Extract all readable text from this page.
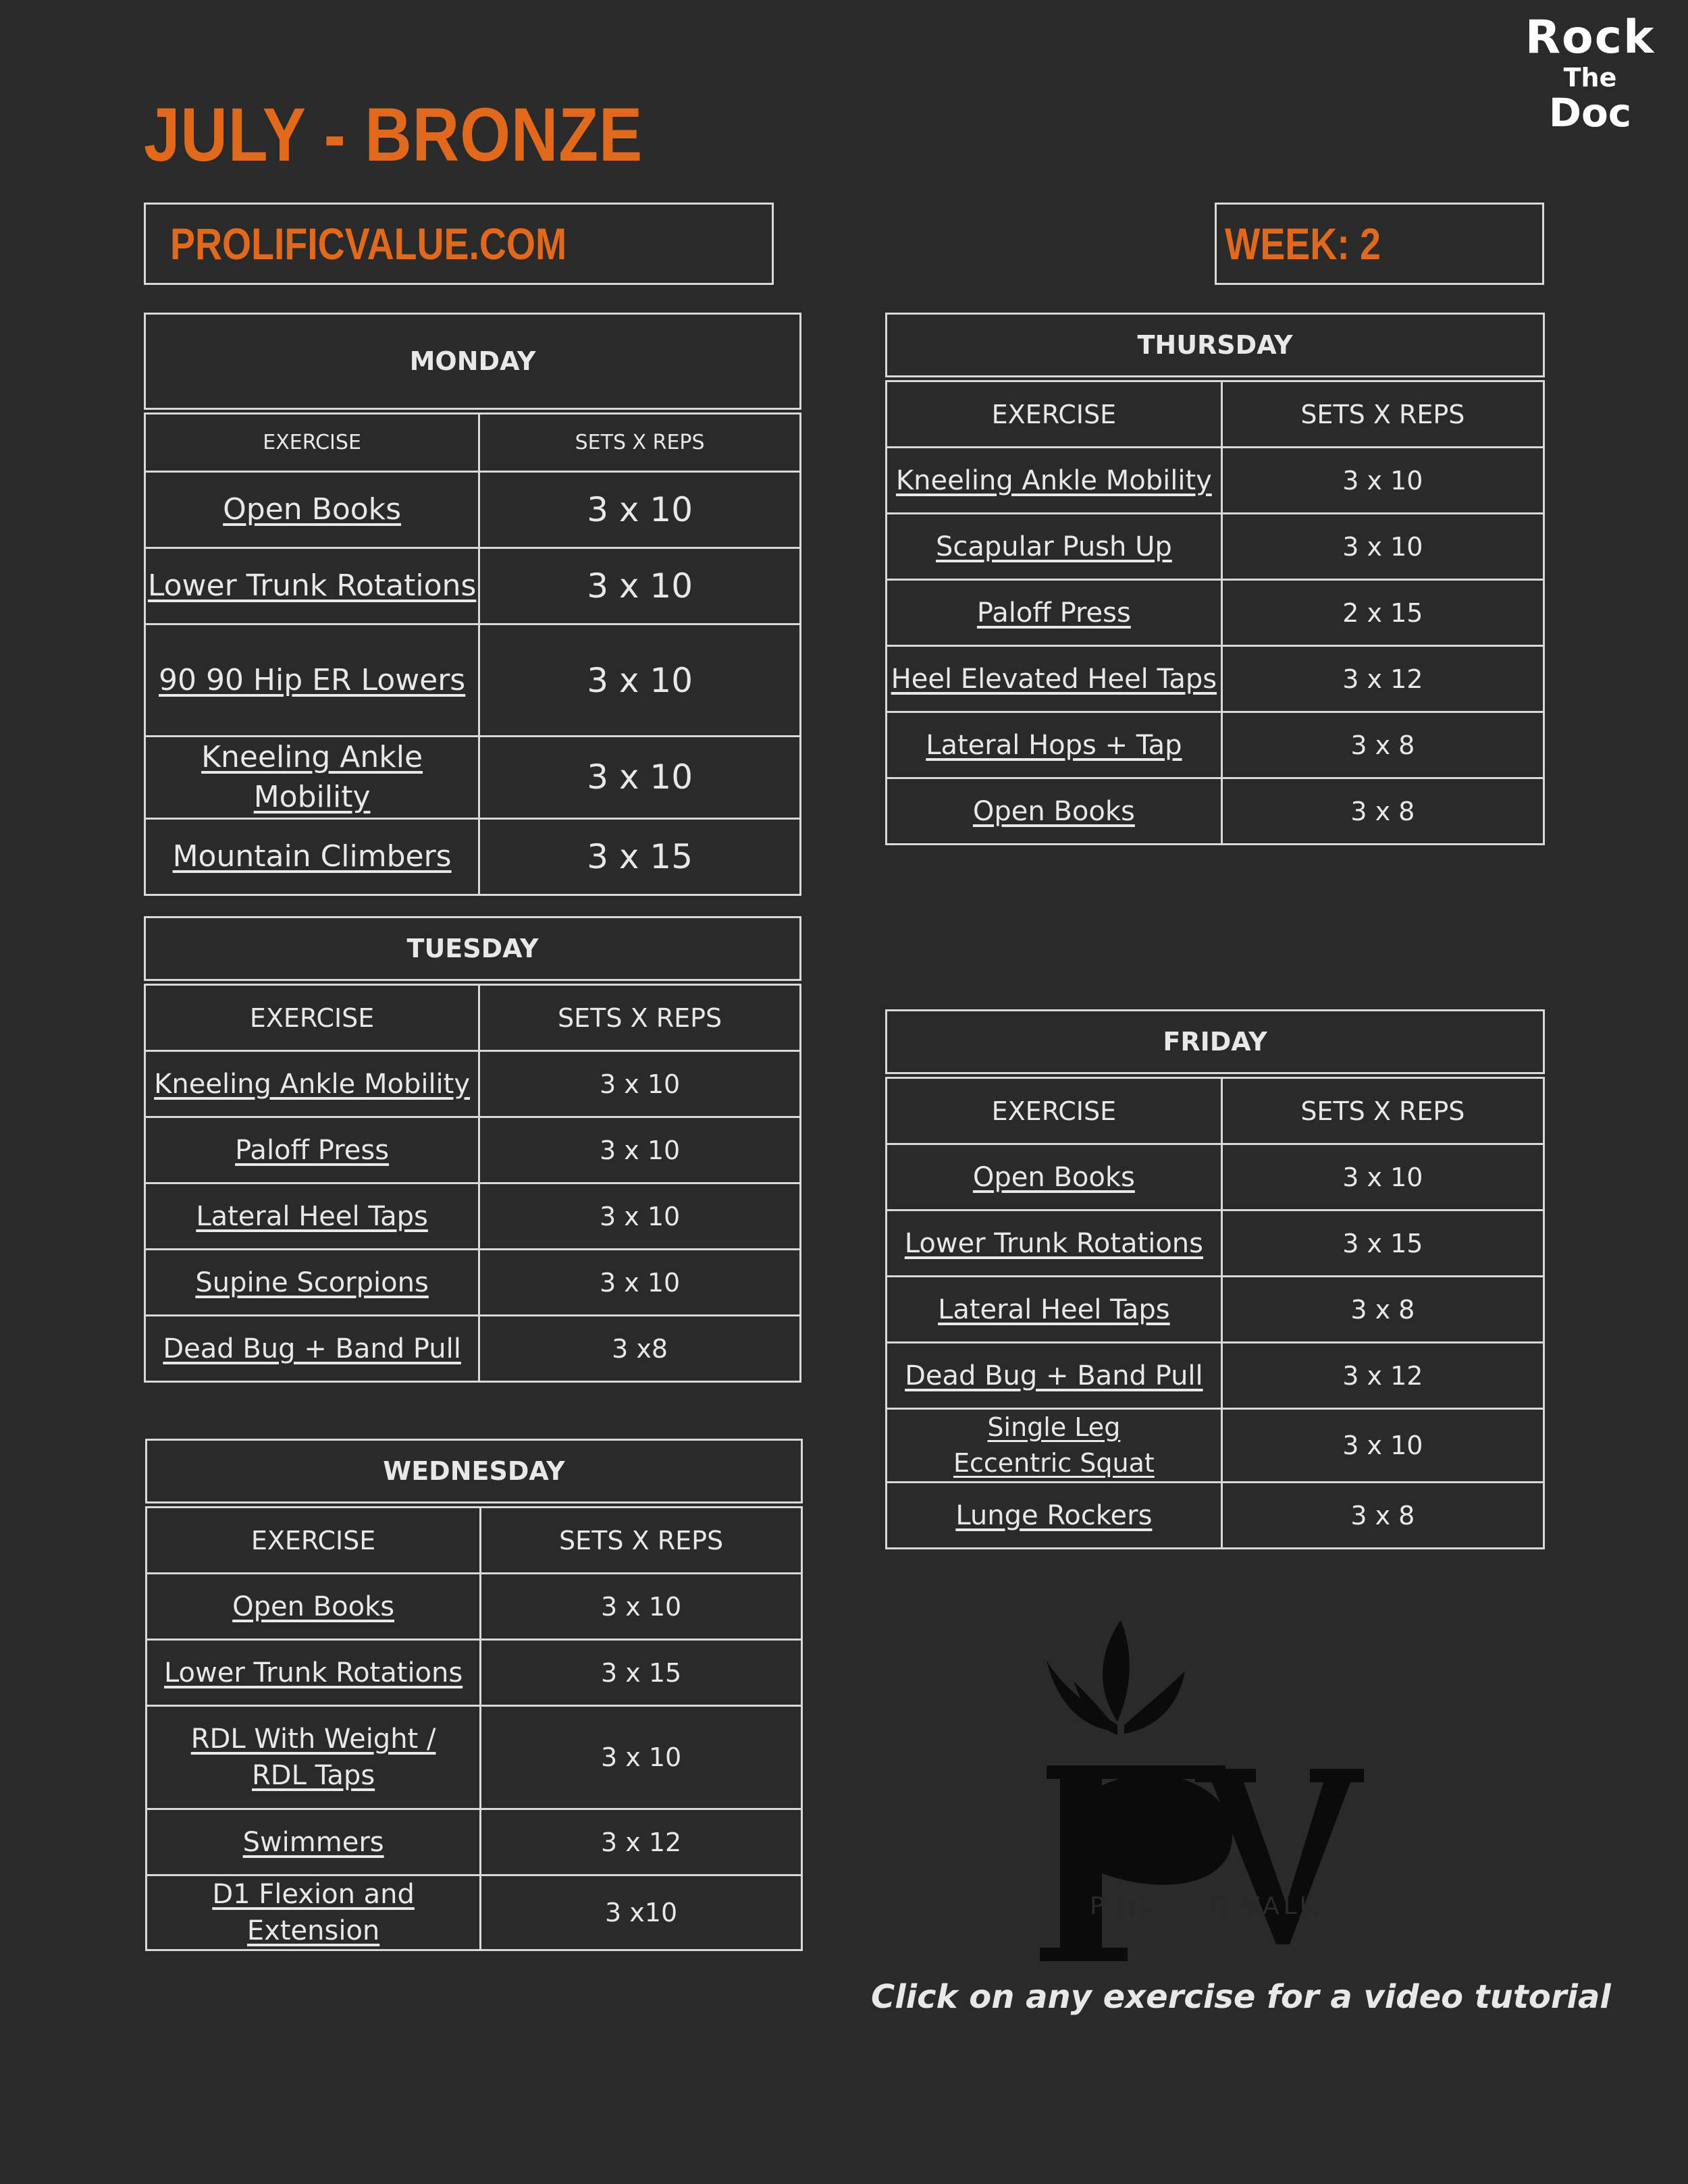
JULY - BRONZE
Rock
The
Doc
PROLIFICVALUE.COM	WEEK: 2
MONDAY
EXERCISE	SETS X REPS
Open Books	3 x 10
Lower Trunk Rotations	3 x 10
90 90 Hip ER Lowers	3 x 10
Kneeling Ankle Mobility	3 x 10
Mountain Climbers	3 x 15
TUESDAY
EXERCISE	SETS X REPS
Kneeling Ankle Mobility	3 x 10
Paloff Press	3 x 10
Lateral Heel Taps	3 x 10
Supine Scorpions	3 x 10
Dead Bug + Band Pull	3 x8
WEDNESDAY
EXERCISE	SETS X REPS
Open Books	3 x 10
Lower Trunk Rotations	3 x 15
RDL With Weight / RDL Taps	3 x 10
Swimmers	3 x 12
D1 Flexion and Extension	3 x10
THURSDAY
EXERCISE	SETS X REPS
Kneeling Ankle Mobility	3 x 10
Scapular Push Up	3 x 10
Paloff Press	2 x 15
Heel Elevated Heel Taps	3 x 12
Lateral Hops + Tap	3 x 8
Open Books	3 x 8
FRIDAY
EXERCISE	SETS X REPS
Open Books	3 x 10
Lower Trunk Rotations	3 x 15
Lateral Heel Taps	3 x 8
Dead Bug + Band Pull	3 x 12
Single Leg Eccentric Squat	3 x 10
Lunge Rockers	3 x 8
PROLIFIC VALUE
Click on any exercise for a video tutorial
